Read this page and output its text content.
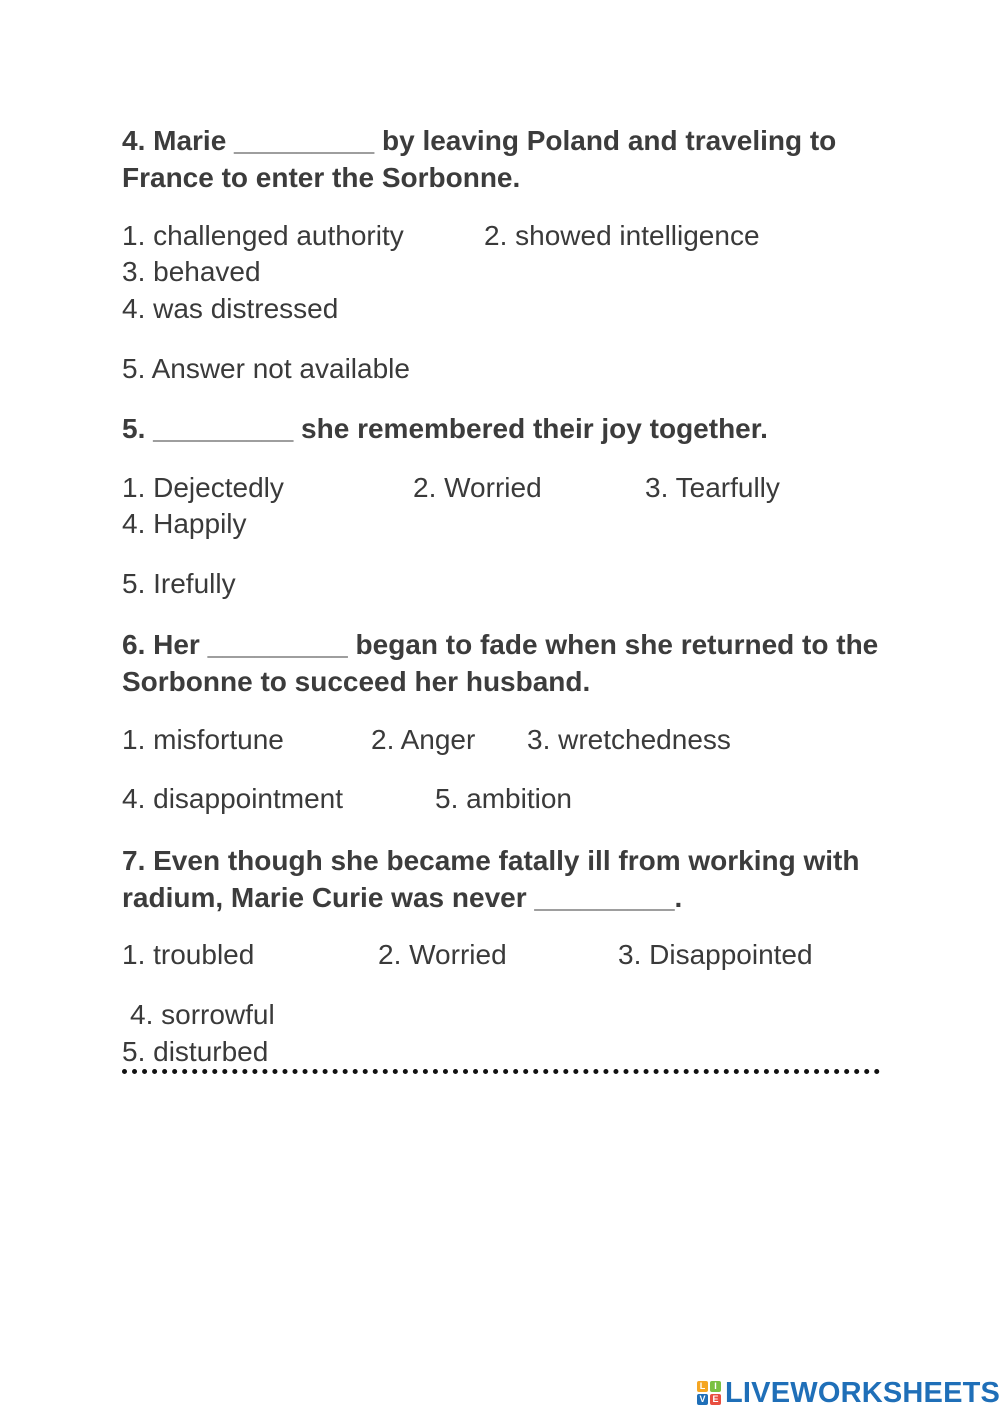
4. Marie _________ by leaving Poland and traveling to France to enter the Sorbonne.

1. challenged authority	2. showed intelligence
3. behaved
4. was distressed
5. Answer not available

5. _________ she remembered their joy together.

1. Dejectedly	2. Worried	3. Tearfully
4. Happily
5. Irefully

6. Her _________ began to fade when she returned to the Sorbonne to succeed her husband.

1. misfortune	2. Anger 3. wretchedness
4. disappointment	5. ambition

7. Even though she became fatally ill from working with radium, Marie Curie was never _________.

1. troubled	2. Worried	3. Disappointed
4. sorrowful
5. disturbed
L I
V E LIVEWORKSHEETS
